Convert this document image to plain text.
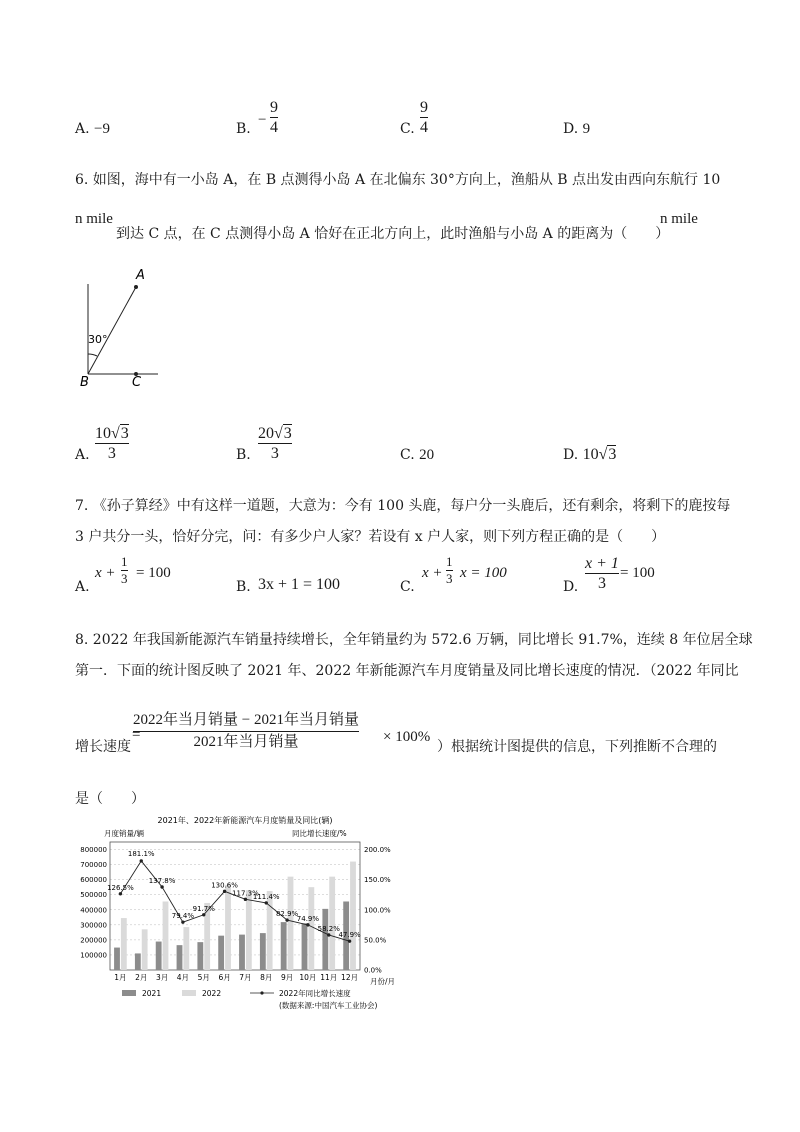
A. −9	B.
−
9
4	C.
9
4	D. 9
6. 如图，海中有一小岛 A，在 B 点测得小岛 A 在北偏东 30°方向上，渔船从 B 点出发由西向东航行 10
n mile	n mile
到达 C 点，在 C 点测得小岛 A 恰好在正北方向上，此时渔船与小岛 A 的距离为（　　）
A
B	C
30°
A.
10√3
3	B.
20√3
3	C. 20	D. 10√3
7. 《孙子算经》中有这样一道题，大意为：今有 100 头鹿，每户分一头鹿后，还有剩余，将剩下的鹿按每
3 户共分一头，恰好分完，问：有多少户人家？若设有 x 户人家，则下列方程正确的是（　　）
A.
x +
1
3 = 100
B. 3x + 1 = 100	C.
x +
1
3 x = 100
D.
x + 1
3
= 100
8. 2022 年我国新能源汽车销量持续增长，全年销量约为 572.6 万辆，同比增长 91.7%，连续 8 年位居全球
第一．下面的统计图反映了 2021 年、2022 年新能源汽车月度销量及同比增长速度的情况．（2022 年同比
增长速度
2022年当月销量 − 2021年当月销量
2021年当月销量
=	× 100%
）根据统计图提供的信息，下列推断不合理的
是（　　）
2021年、2022年新能源汽车月度销量及同比(辆)
月度销量/辆	同比增长速度/%
月份/月
100000
200000
300000
400000
500000
600000
700000
800000
0.0%
50.0%
100.0%
150.0%
200.0%
1月 2月 3月 4月 5月 6月 7月 8月 9月 10月 11月 12月
126.5%
181.1%
137.8%
79.4%
91.7%
130.6%
117.3%
111.4%
82.9%
74.9%
58.2%
47.9%
2021	2022	2022年同比增长速度
(数据来源:中国汽车工业协会)
